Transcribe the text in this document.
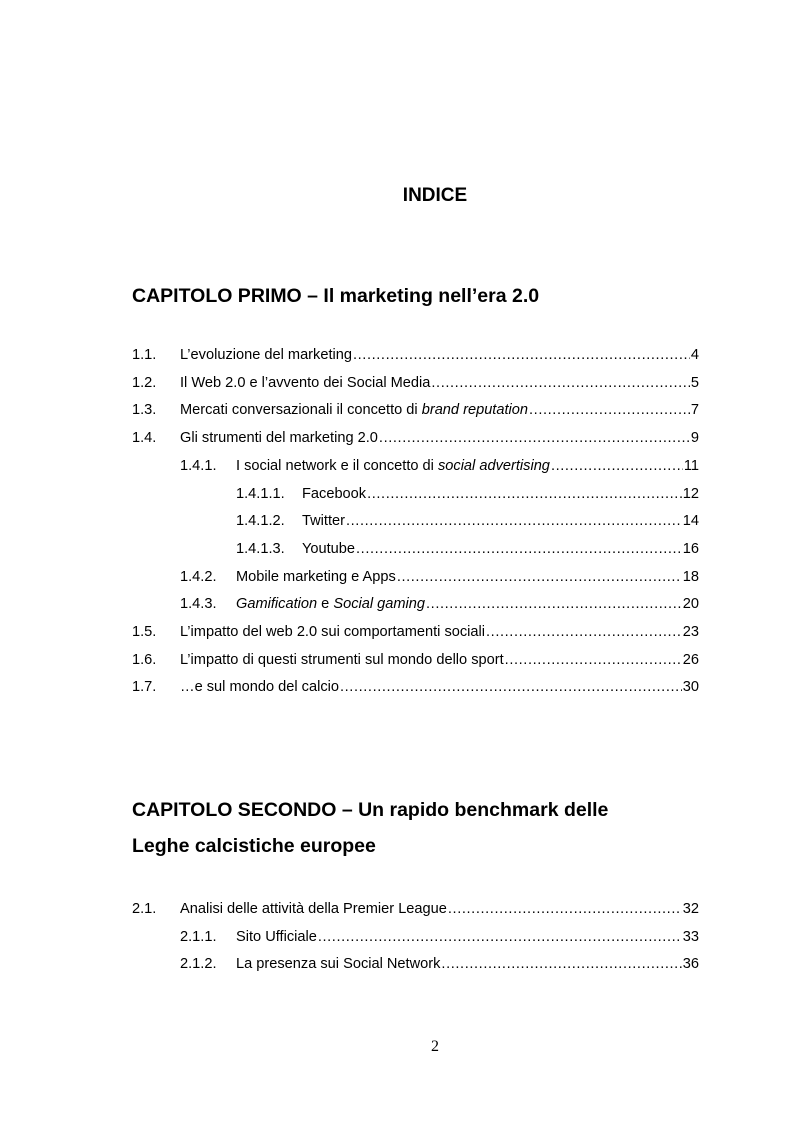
INDICE
CAPITOLO PRIMO – Il marketing nell’era 2.0
1.1.	L’evoluzione del marketing .....	4
1.2.	Il Web 2.0 e l’avvento dei Social Media .....	5
1.3.	Mercati conversazionali il concetto di brand reputation .....	7
1.4.	Gli strumenti del marketing 2.0 .....	9
1.4.1.	I social network e il concetto di social advertising .....	11
1.4.1.1.	Facebook .....	12
1.4.1.2.	Twitter .....	14
1.4.1.3.	Youtube .....	16
1.4.2.	Mobile marketing e Apps .....	18
1.4.3.	Gamification e Social gaming .....	20
1.5.	L’impatto del web 2.0 sui comportamenti sociali .....	23
1.6.	L’impatto di questi strumenti sul mondo dello sport .....	26
1.7.	…e sul mondo del calcio .....	30
CAPITOLO SECONDO – Un rapido benchmark delle
Leghe calcistiche europee
2.1.	Analisi delle attività della Premier League .....	32
2.1.1.	Sito Ufficiale .....	33
2.1.2.	La presenza sui Social Network .....	36
2
